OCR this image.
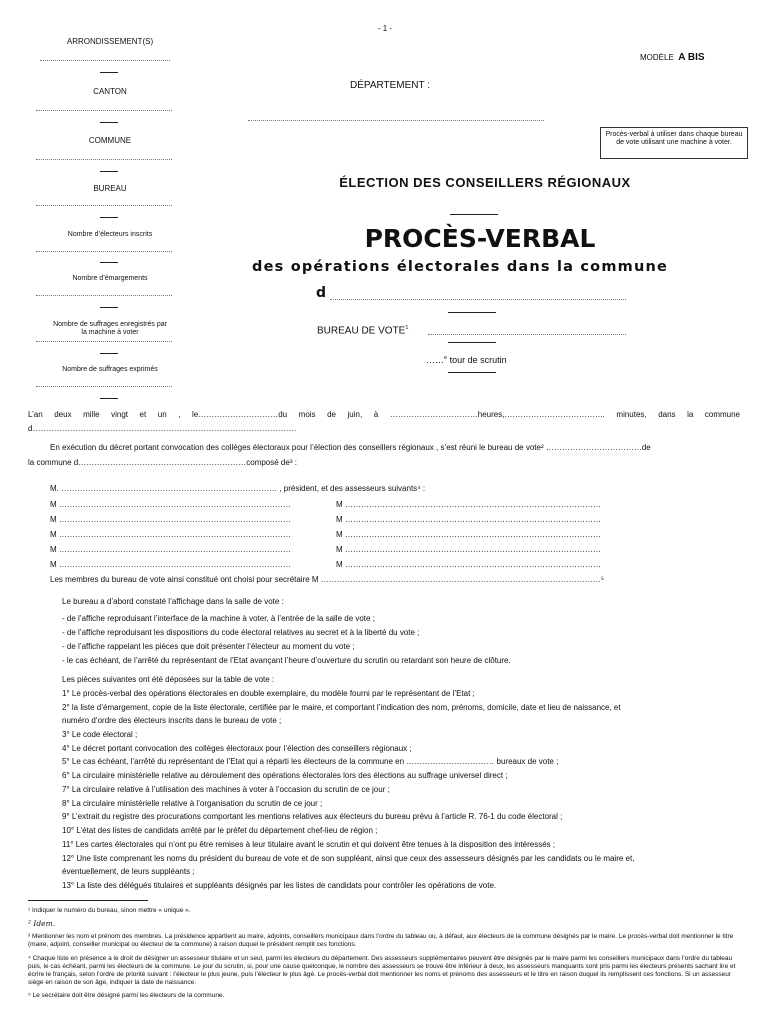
- 1 -
MODÈLE A BIS
ARRONDISSEMENT(S)
CANTON
COMMUNE
BUREAU
Nombre d’électeurs inscrits
Nombre d’émargements
Nombre de suffrages enregistrés par la machine à voter
Nombre de suffrages exprimés
DÉPARTEMENT :
Procès-verbal à utiliser dans chaque bureau de vote utilisant une machine à voter.
ÉLECTION DES CONSEILLERS RÉGIONAUX
PROCÈS-VERBAL
des opérations électorales dans la commune
d
BUREAU DE VOTE$^1$
……$^e$ tour de scrutin
L’an deux mille vingt et un , le…………………………du mois de juin, à ……………………………heures,……………………………….. minutes, dans la commune
d………………………………………………………………………………………
En exécution du décret portant convocation des collèges électoraux pour l’élection des conseillers régionaux , s’est réuni le bureau de vote² ………………………………de
la commune d………………………………………………………composé de³ :
M. ……………………………………………………………………… , président, et des assesseurs suivants⁴ :
M ……………………………………………………………………………
M ……………………………………………………………………………
M ……………………………………………………………………………
M ……………………………………………………………………………
M ……………………………………………………………………………
M ……………………………………………………………………………………
M ……………………………………………………………………………………
M ……………………………………………………………………………………
M ……………………………………………………………………………………
M ……………………………………………………………………………………
Les membres du bureau de vote ainsi constitué ont choisi pour secrétaire M ……………………………………………………………………………………………⁵
Le bureau a d’abord constaté l’affichage dans la salle de vote :
- de l’affiche reproduisant l’interface de la machine à voter, à l’entrée de la salle de vote ;
- de l’affiche reproduisant les dispositions du code électoral relatives au secret et à la liberté du vote ;
- de l’affiche rappelant les pièces que doit présenter l’électeur au moment du vote ;
- le cas échéant, de l’arrêté du représentant de l’Etat avançant l’heure d’ouverture du scrutin ou retardant son heure de clôture.
Les pièces suivantes ont été déposées sur la table de vote :
1° Le procès-verbal des opérations électorales en double exemplaire, du modèle fourni par le représentant de l’Etat ;
2° la liste d’émargement, copie de la liste électorale, certifiée par le maire, et comportant l’indication des nom, prénoms, domicile, date et lieu de naissance, et
numéro d’ordre des électeurs inscrits dans le bureau de vote ;
3° Le code électoral ;
4° Le décret portant convocation des collèges électoraux pour l’élection des conseillers régionaux ;
5° Le cas échéant, l’arrêté du représentant de l’Etat qui a réparti les électeurs de la commune en …………………………… bureaux de vote ;
6° La circulaire ministérielle relative au déroulement des opérations électorales lors des élections au suffrage universel direct ;
7° La circulaire relative à l’utilisation des machines à voter à l’occasion du scrutin de ce jour ;
8° La circulaire ministérielle relative à l’organisation du scrutin de ce jour ;
9° L’extrait du registre des procurations comportant les mentions relatives aux électeurs du bureau prévu à l’article R. 76-1 du code électoral ;
10° L’état des listes de candidats arrêté par le préfet du département chef-lieu de région ;
11° Les cartes électorales qui n’ont pu être remises à leur titulaire avant le scrutin et qui doivent être tenues à la disposition des intéressés ;
12° Une liste comprenant les noms du président du bureau de vote et de son suppléant, ainsi que ceux des assesseurs désignés par les candidats ou le maire et,
éventuellement, de leurs suppléants ;
13° La liste des délégués titulaires et suppléants désignés par les listes de candidats pour contrôler les opérations de vote.
¹ Indiquer le numéro du bureau, sinon mettre « unique ».
² Idem.
³ Mentionner les nom et prénom des membres. La présidence appartient au maire, adjoints, conseillers municipaux dans l’ordre du tableau ou, à défaut, aux électeurs de la commune désignés par le maire. Le procès-verbal doit mentionner le titre (maire, adjoint, conseiller municipal ou électeur de la commune) à raison duquel le président remplit ces fonctions.
⁴ Chaque liste en présence a le droit de désigner un assesseur titulaire et un seul, parmi les électeurs du département. Des assesseurs supplémentaires peuvent être désignés par le maire parmi les conseillers municipaux dans l’ordre du tableau puis, le cas échéant, parmi les électeurs de la commune. Le jour du scrutin, si, pour une cause quelconque, le nombre des assesseurs se trouve être inférieur à deux, les assesseurs manquants sont pris parmi les électeurs présents sachant lire et écrire le français, selon l’ordre de priorité suivant : l’électeur le plus jeune, puis l’électeur le plus âgé. Le procès-verbal doit mentionner les noms et prénoms des assesseurs et le titre en raison duquel ils remplissent ces fonctions. Si un assesseur siège en raison de son âge, indiquer la date de naissance.
⁵ Le secrétaire doit être désigné parmi les électeurs de la commune.
